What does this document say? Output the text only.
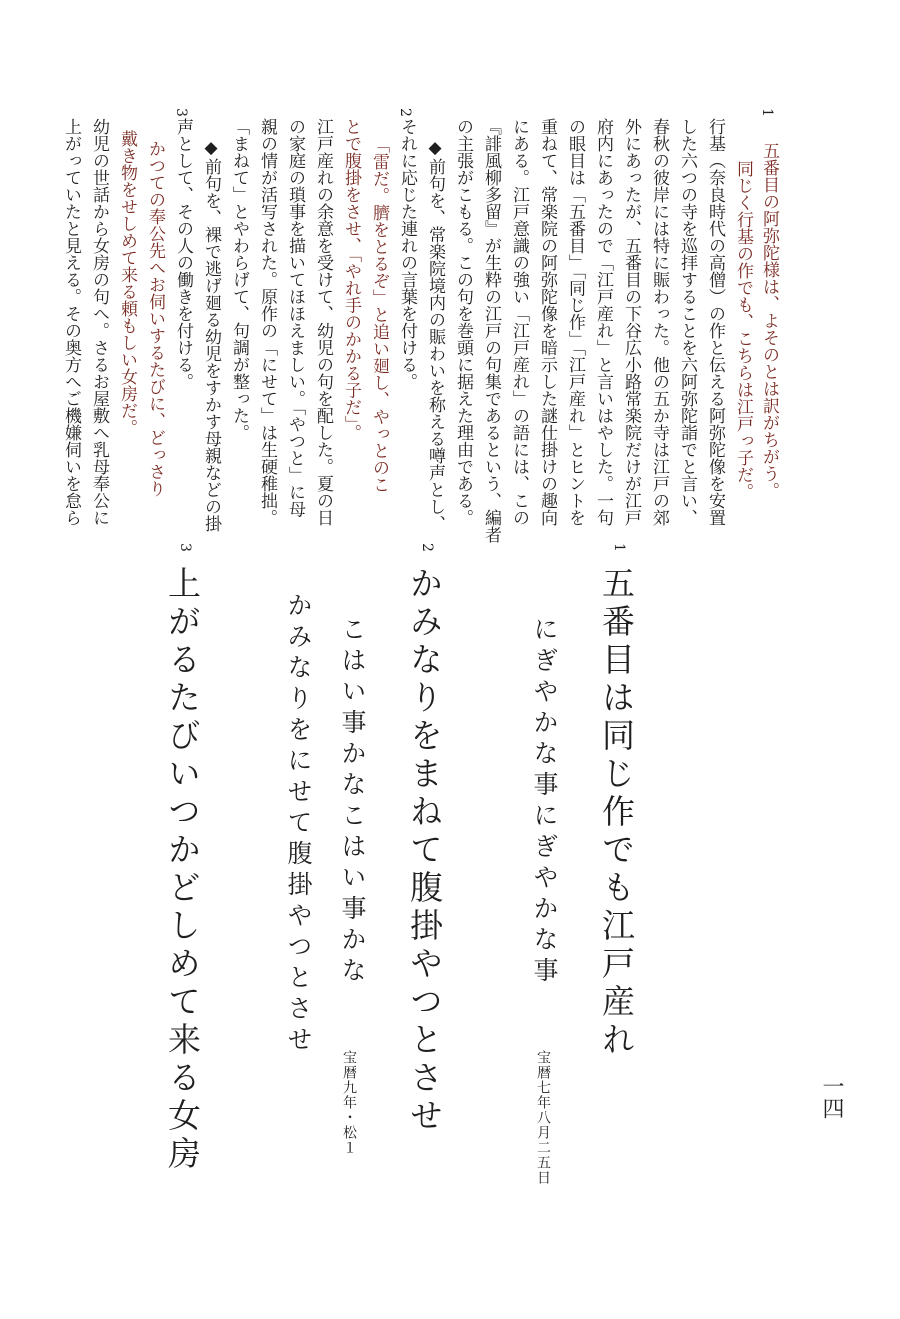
一四
1
五番目の阿弥陀様は、よそのとは訳がちがう。
同じく行基の作でも、こちらは江戸っ子だ。
行基（奈良時代の高僧）の作と伝える阿弥陀像を安置
した六つの寺を巡拝することを六阿弥陀詣でと言い、
春秋の彼岸には特に賑わった。他の五か寺は江戸の郊
外にあったが、五番目の下谷広小路常楽院だけが江戸
府内にあったので「江戸産れ」と言いはやした。一句
の眼目は「五番目」「同じ作」「江戸産れ」とヒントを
重ねて、常楽院の阿弥陀像を暗示した謎仕掛けの趣向
にある。江戸意識の強い「江戸産れ」の語には、この
『誹風柳多留』が生粋の江戸の句集であるという、編者
の主張がこもる。この句を巻頭に据えた理由である。
◆前句を、常楽院境内の賑わいを称える噂声とし、
それに応じた連れの言葉を付ける。
2
「雷だ。臍をとるぞ」と追い廻し、やっとのこ
とで腹掛をさせ、「やれ手のかかる子だ」。
江戸産れの余意を受けて、幼児の句を配した。夏の日
の家庭の瑣事を描いてほほえましい。「やつと」に母
親の情が活写された。原作の「にせて」は生硬稚拙。
「まねて」とやわらげて、句調が整った。
◆前句を、裸で逃げ廻る幼児をすかす母親などの掛
声として、その人の働きを付ける。
3
かつての奉公先へお伺いするたびに、どっさり
戴き物をせしめて来る頼もしい女房だ。
幼児の世話から女房の句へ。さるお屋敷へ乳母奉公に
上がっていたと見える。その奥方へご機嫌伺いを怠ら
1
五番目は同じ作でも江戸産れ
にぎやかな事にぎやかな事
宝暦七年八月二五日
2
かみなりをまねて腹掛やつとさせ
こはい事かなこはい事かな
かみなりをにせて腹掛やつとさせ
宝暦九年・松１
3
上がるたびいつかどしめて来る女房
